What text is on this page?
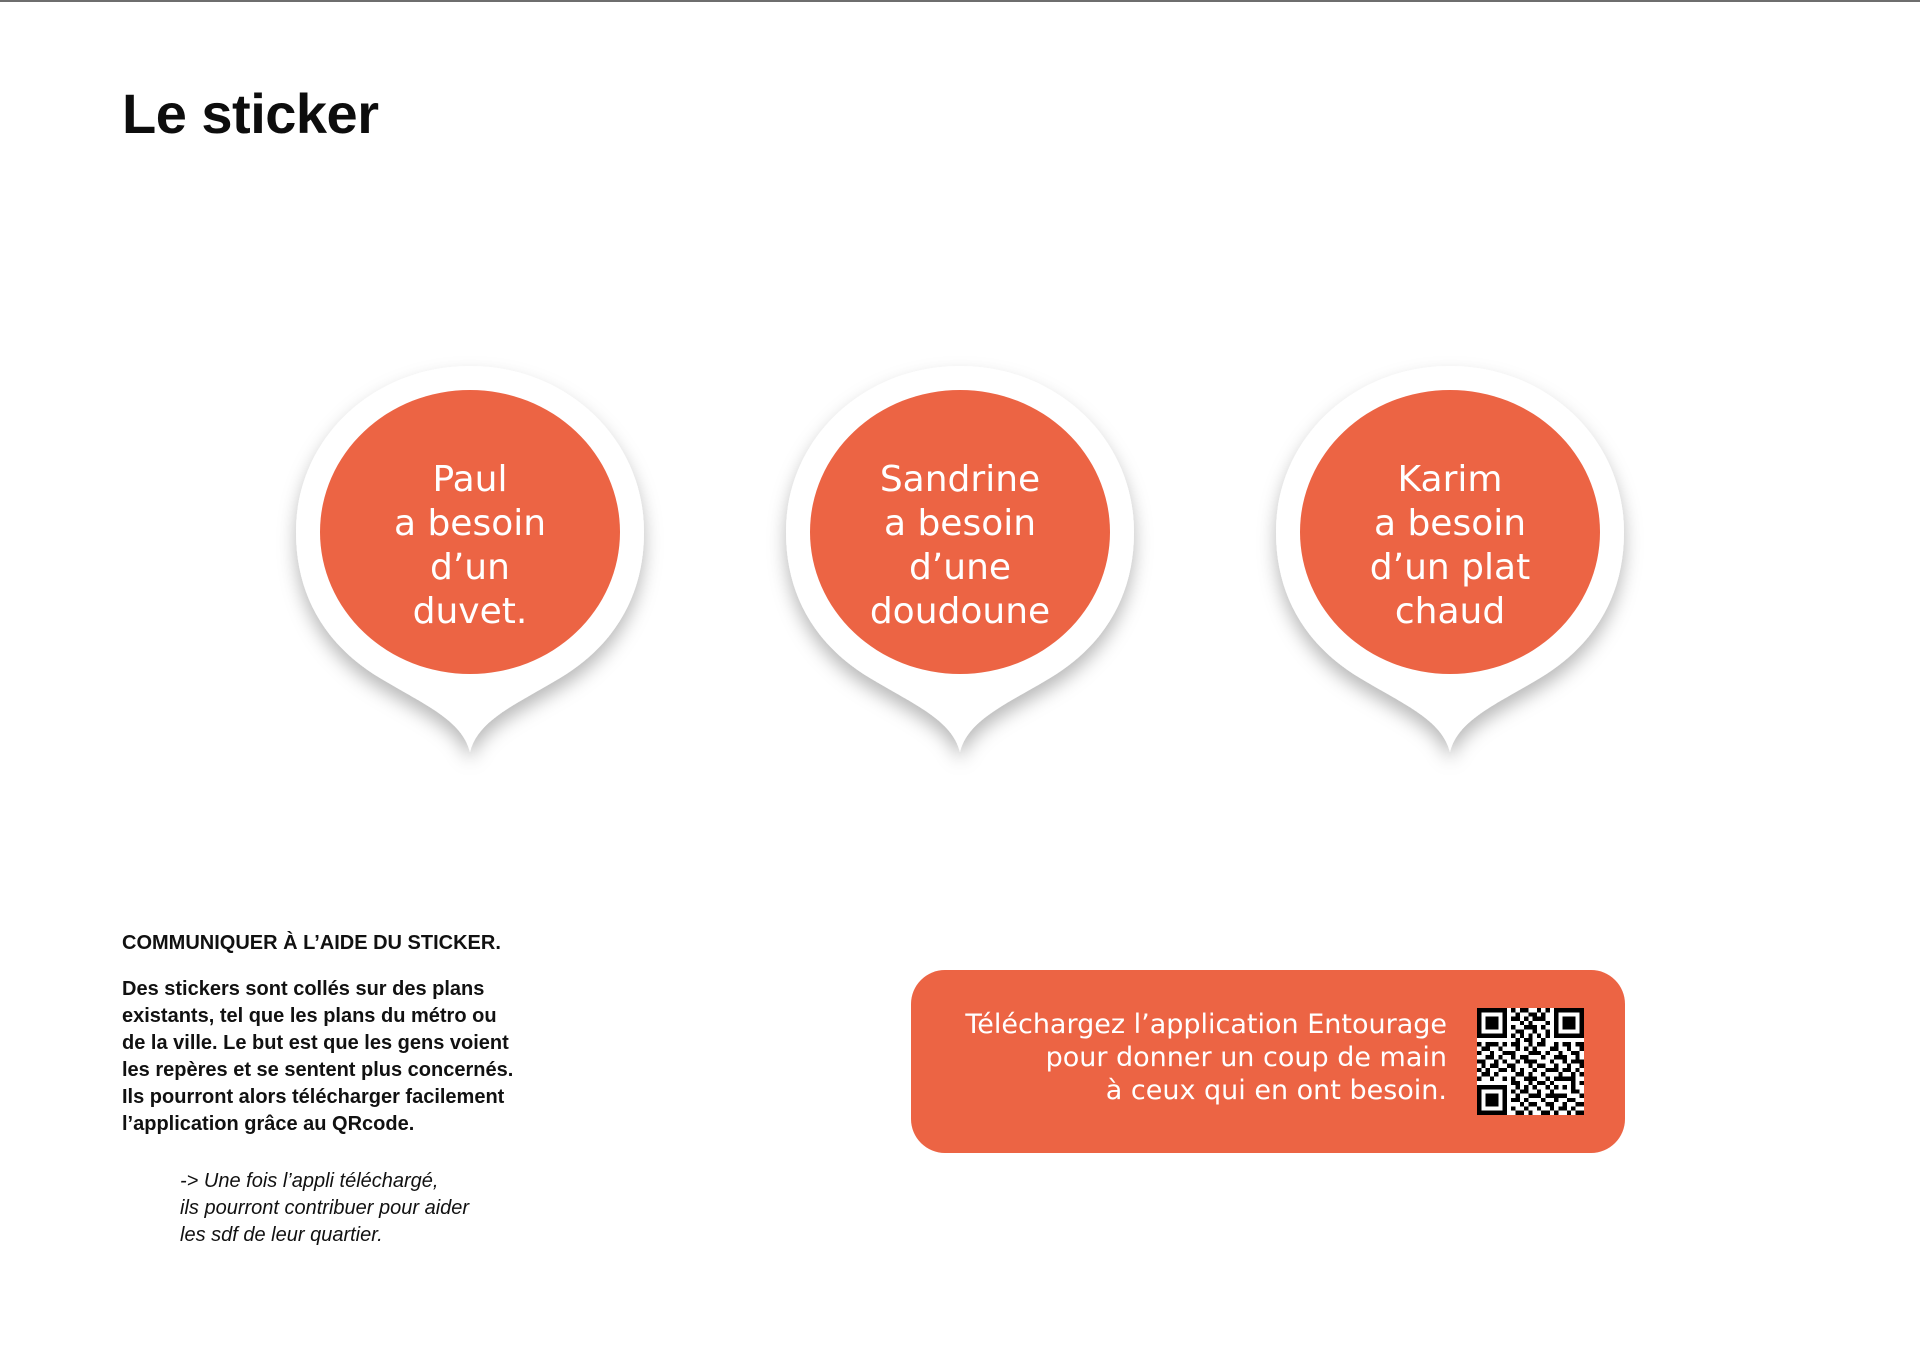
Le sticker
Paul
a besoin
d’un
duvet.
Sandrine
a besoin
d’une
doudoune
Karim
a besoin
d’un plat
chaud
COMMUNIQUER À L’AIDE DU STICKER.

Des stickers sont collés sur des plans existants, tel que les plans du métro ou de la ville. Le but est que les gens voient les repères et se sentent plus concernés. Ils pourront alors télécharger facilement l’application grâce au QRcode.

-> Une fois l’appli téléchargé,
ils pourront contribuer pour aider
les sdf de leur quartier.

Téléchargez l’application Entourage
pour donner un coup de main
à ceux qui en ont besoin.
